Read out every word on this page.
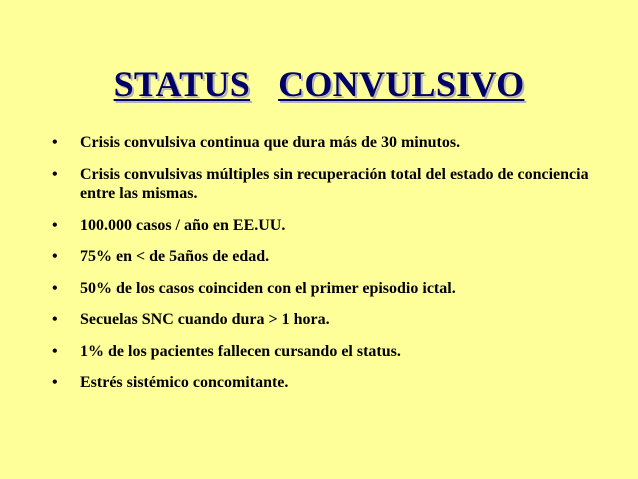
STATUS CONVULSIVO
•	Crisis convulsiva continua que dura más de 30 minutos.
•	Crisis convulsivas múltiples sin recuperación total del estado de conciencia entre las mismas.
•	100.000 casos / año en EE.UU.
•	75% en < de 5años de edad.
•	50% de los casos coinciden con el primer episodio ictal.
•	Secuelas SNC cuando dura > 1 hora.
•	1% de los pacientes fallecen cursando el status.
•	Estrés sistémico concomitante.
